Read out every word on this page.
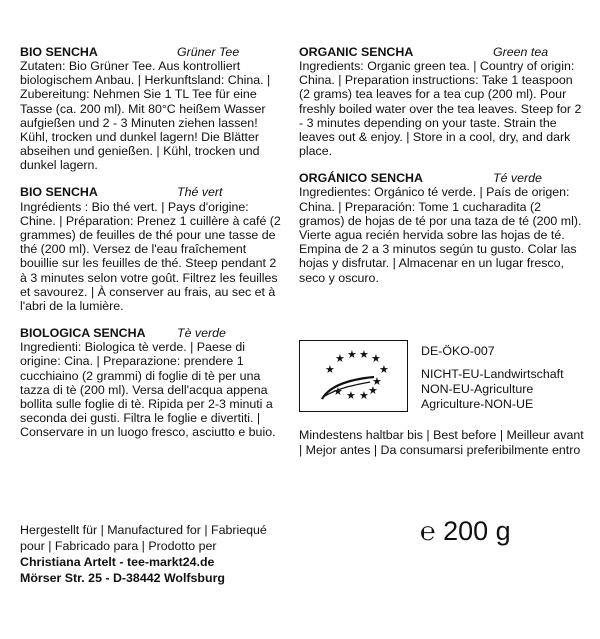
BIO SENCHA	Grüner Tee

Zutaten: Bio Grüner Tee. Aus kontrolliert biologischem Anbau. | Herkunftsland: China. | Zubereitung: Nehmen Sie 1 TL Tee für eine Tasse (ca. 200 ml). Mit 80°C heißem Wasser aufgießen und 2 - 3 Minuten ziehen lassen! Kühl, trocken und dunkel lagern! Die Blätter abseihen und genießen. | Kühl, trocken und dunkel lagern.

BIO SENCHA	Thé vert

Ingrédients : Bio thé vert. | Pays d'origine: Chine. | Préparation: Prenez 1 cuillère à café (2 grammes) de feuilles de thé pour une tasse de thé (200 ml). Versez de l'eau fraîchement bouillie sur les feuilles de thé. Steep pendant 2 à 3 minutes selon votre goût. Filtrez les feuilles et savourez. | À conserver au frais, au sec et à l'abri de la lumière.

BIOLOGICA SENCHA	Tè verde

Ingredienti: Biologica tè verde. | Paese di origine: Cina. | Preparazione: prendere 1 cucchiaino (2 grammi) di foglie di tè per una tazza di tè (200 ml). Versa dell'acqua appena bollita sulle foglie di tè. Ripida per 2-3 minuti a seconda dei gusti. Filtra le foglie e divertiti. | Conservare in un luogo fresco, asciutto e buio.

ORGANIC SENCHA	Green tea

Ingredients: Organic green tea. | Country of origin: China. | Preparation instructions: Take 1 teaspoon (2 grams) tea leaves for a tea cup (200 ml). Pour freshly boiled water over the tea leaves. Steep for 2 - 3 minutes depending on your taste. Strain the leaves out & enjoy. | Store in a cool, dry, and dark place.

ORGÁNICO SENCHA	Té verde

Ingredientes: Orgánico té verde. | País de origen: China. | Preparación: Tome 1 cucharadita (2 gramos) de hojas de té por una taza de té (200 ml). Vierte agua recién hervida sobre las hojas de té. Empina de 2 a 3 minutos según tu gusto. Colar las hojas y disfrutar. | Almacenar en un lugar fresco, seco y oscuro.

★ ★ ★ ★
★	★
★
★ ★ ★ ★
DE-ÖKO-007
NICHT-EU-Landwirtschaft
NON-EU-Agriculture
Agriculture-NON-UE
Mindestens haltbar bis | Best before | Meilleur avant | Mejor antes | Da consumarsi preferibilmente entro
Hergestellt für | Manufactured for | Fabriequé pour | Fabricado para | Prodotto per
Christiana Artelt - tee-markt24.de
Mörser Str. 25 - D-38442 Wolfsburg
℮ 200 g
